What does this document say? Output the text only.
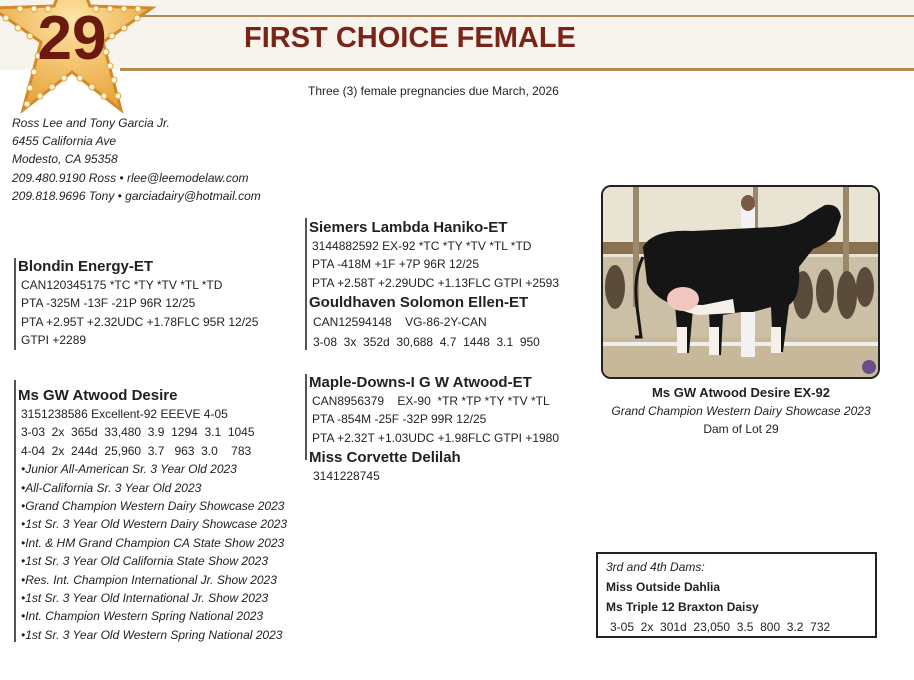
29	FIRST CHOICE FEMALE
Three (3) female pregnancies due March, 2026
Ross Lee and Tony Garcia Jr.
6455 California Ave
Modesto, CA 95358
209.480.9190 Ross • rlee@leemodelaw.com
209.818.9696 Tony • garciadairy@hotmail.com
Blondin Energy-ET
CAN120345175 *TC *TY *TV *TL *TD
PTA -325M -13F -21P 96R 12/25
PTA +2.95T +2.32UDC +1.78FLC 95R 12/25
GTPI +2289
Ms GW Atwood Desire
3151238586 Excellent-92 EEEVE 4-05
3-03  2x  365d  33,480  3.9  1294  3.1  1045
4-04  2x  244d  25,960  3.7   963  3.0    783
•Junior All-American Sr. 3 Year Old 2023
•All-California Sr. 3 Year Old 2023
•Grand Champion Western Dairy Showcase 2023
•1st Sr. 3 Year Old Western Dairy Showcase 2023
•Int. & HM Grand Champion CA State Show 2023
•1st Sr. 3 Year Old California State Show 2023
•Res. Int. Champion International Jr. Show 2023
•1st Sr. 3 Year Old International Jr. Show 2023
•Int. Champion Western Spring National 2023
•1st Sr. 3 Year Old Western Spring National 2023
Siemers Lambda Haniko-ET
3144882592 EX-92 *TC *TY *TV *TL *TD
PTA -418M +1F +7P 96R 12/25
PTA +2.58T +2.29UDC +1.13FLC GTPI +2593
Gouldhaven Solomon Ellen-ET
CAN12594148    VG-86-2Y-CAN
3-08  3x  352d  30,688  4.7  1448  3.1  950
Maple-Downs-I G W Atwood-ET
CAN8956379    EX-90  *TR *TP *TY *TV *TL
PTA -854M -25F -32P 99R 12/25
PTA +2.32T +1.03UDC +1.98FLC GTPI +1980
Miss Corvette Delilah
3141228745
Ms GW Atwood Desire EX-92
Grand Champion Western Dairy Showcase 2023
Dam of Lot 29
3rd and 4th Dams:
Miss Outside Dahlia
Ms Triple 12 Braxton Daisy
3-05  2x  301d  23,050  3.5  800  3.2  732
